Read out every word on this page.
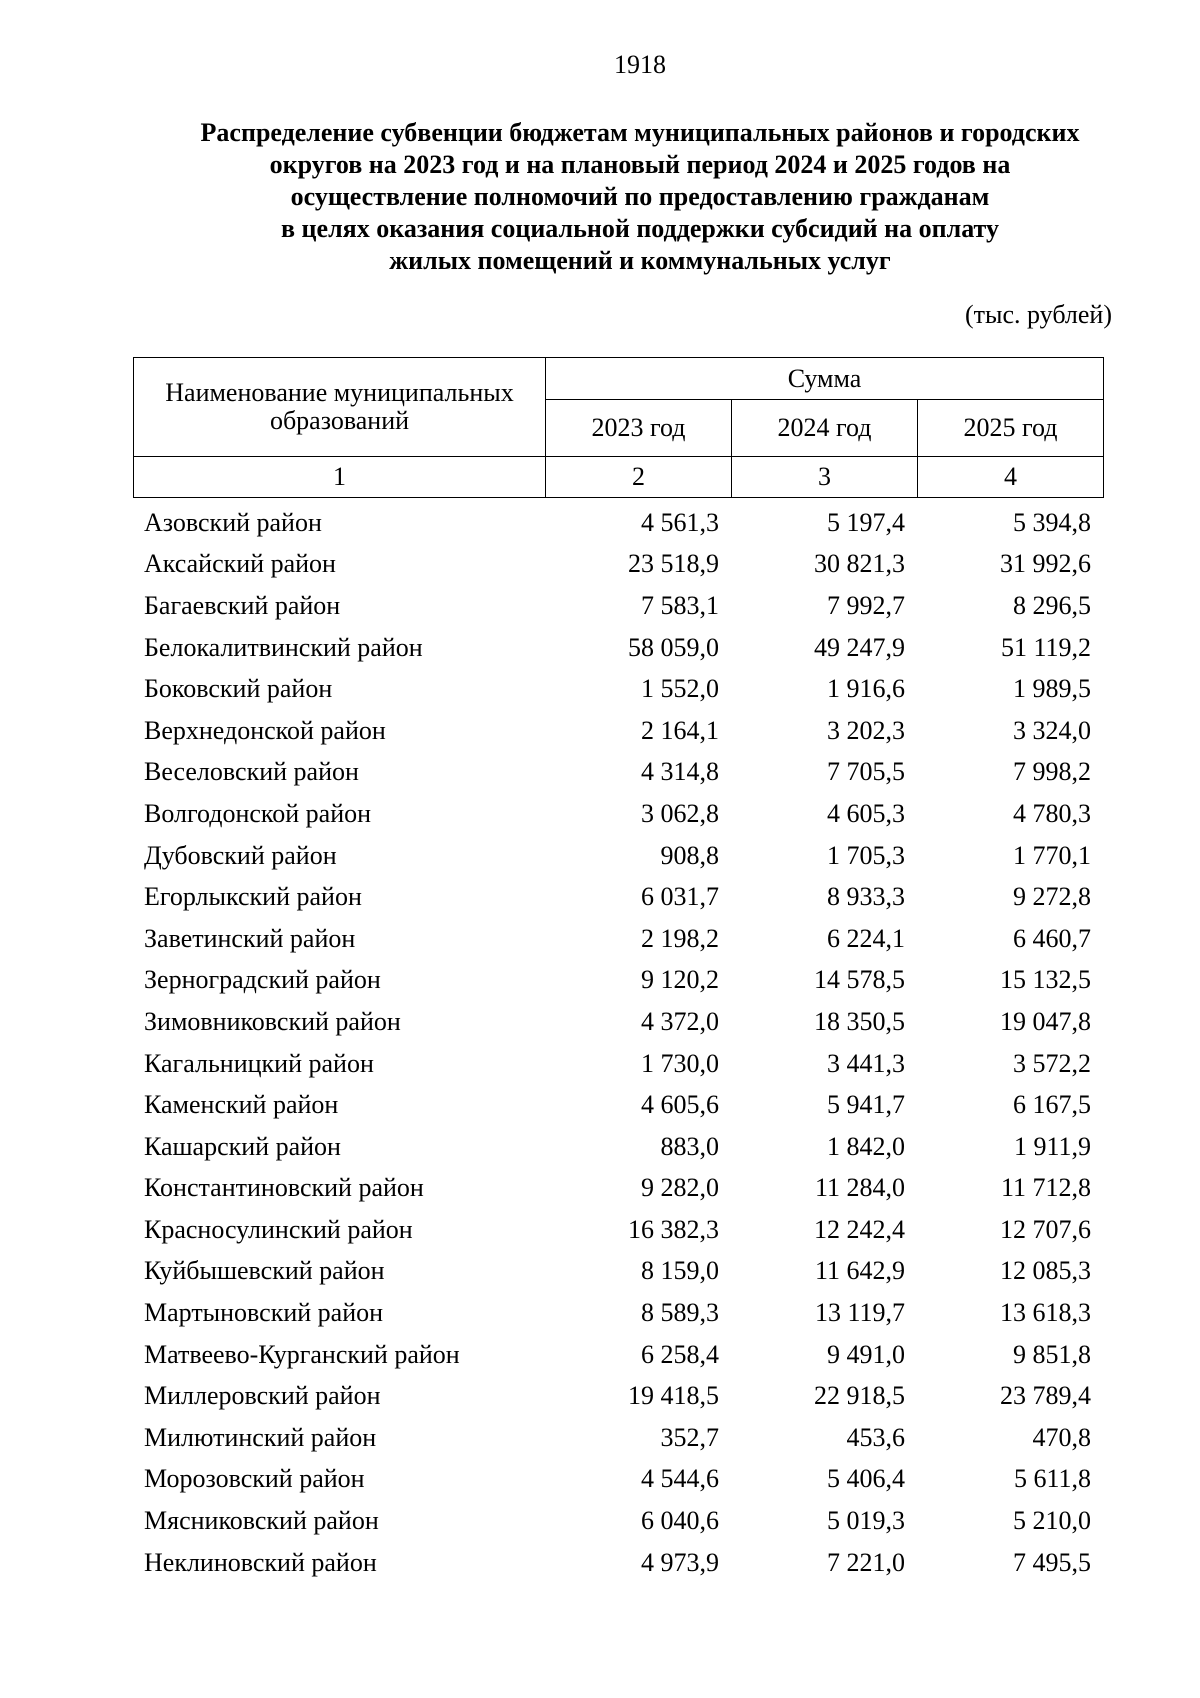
1918
Распределение субвенции бюджетам муниципальных районов и городских
округов на 2023 год и на плановый период 2024 и 2025 годов на
осуществление полномочий по предоставлению гражданам
в целях оказания социальной поддержки субсидий на оплату
жилых помещений и коммунальных услуг
(тыс. рублей)
Наименование муниципальных образований	Сумма		
	2023 год	2024 год	2025 год
1	2	3	4
Азовский район	4 561,3	5 197,4	5 394,8
Аксайский район	23 518,9	30 821,3	31 992,6
Багаевский район	7 583,1	7 992,7	8 296,5
Белокалитвинский район	58 059,0	49 247,9	51 119,2
Боковский район	1 552,0	1 916,6	1 989,5
Верхнедонской район	2 164,1	3 202,3	3 324,0
Веселовский район	4 314,8	7 705,5	7 998,2
Волгодонской район	3 062,8	4 605,3	4 780,3
Дубовский район	908,8	1 705,3	1 770,1
Егорлыкский район	6 031,7	8 933,3	9 272,8
Заветинский район	2 198,2	6 224,1	6 460,7
Зерноградский район	9 120,2	14 578,5	15 132,5
Зимовниковский район	4 372,0	18 350,5	19 047,8
Кагальницкий район	1 730,0	3 441,3	3 572,2
Каменский район	4 605,6	5 941,7	6 167,5
Кашарский район	883,0	1 842,0	1 911,9
Константиновский район	9 282,0	11 284,0	11 712,8
Красносулинский район	16 382,3	12 242,4	12 707,6
Куйбышевский район	8 159,0	11 642,9	12 085,3
Мартыновский район	8 589,3	13 119,7	13 618,3
Матвеево-Курганский район	6 258,4	9 491,0	9 851,8
Миллеровский район	19 418,5	22 918,5	23 789,4
Милютинский район	352,7	453,6	470,8
Морозовский район	4 544,6	5 406,4	5 611,8
Мясниковский район	6 040,6	5 019,3	5 210,0
Неклиновский район	4 973,9	7 221,0	7 495,5
